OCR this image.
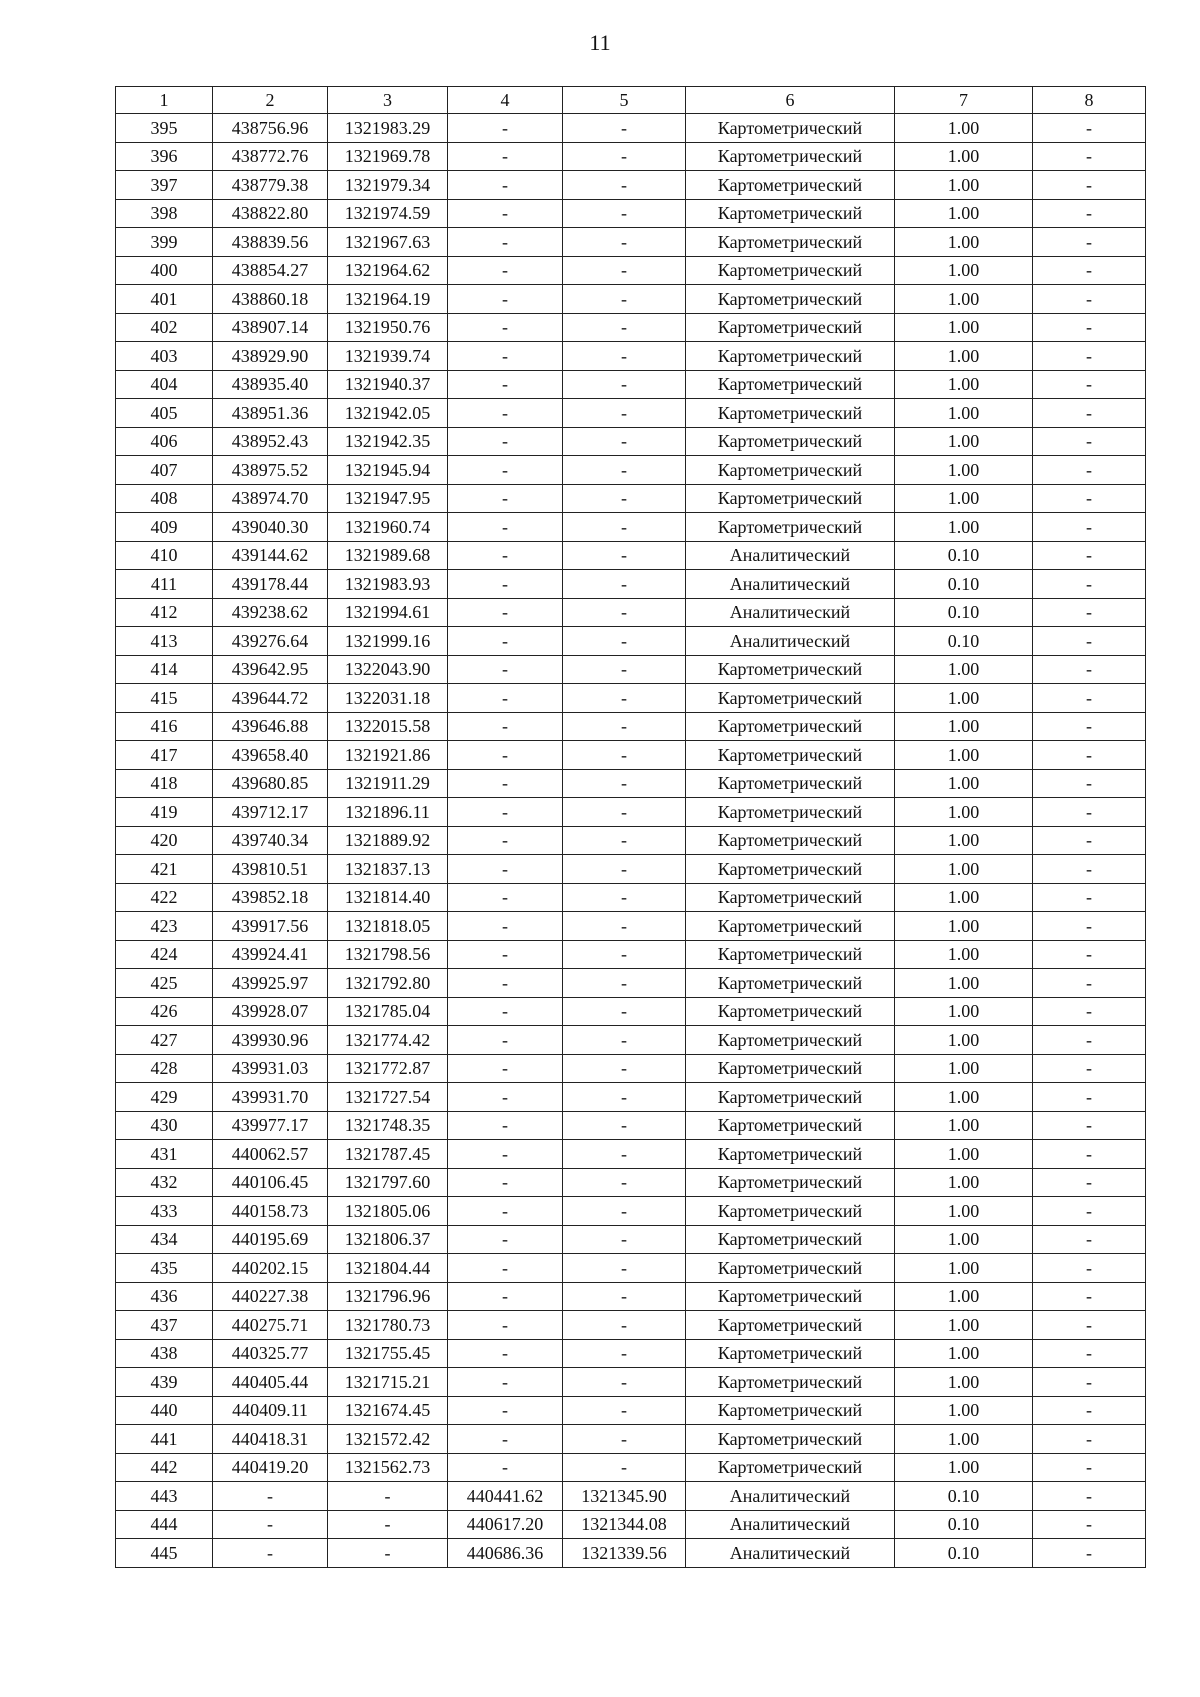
11
1	2	3	4	5	6	7	8
395	438756.96	1321983.29	-	-	Картометрический	1.00	-
396	438772.76	1321969.78	-	-	Картометрический	1.00	-
397	438779.38	1321979.34	-	-	Картометрический	1.00	-
398	438822.80	1321974.59	-	-	Картометрический	1.00	-
399	438839.56	1321967.63	-	-	Картометрический	1.00	-
400	438854.27	1321964.62	-	-	Картометрический	1.00	-
401	438860.18	1321964.19	-	-	Картометрический	1.00	-
402	438907.14	1321950.76	-	-	Картометрический	1.00	-
403	438929.90	1321939.74	-	-	Картометрический	1.00	-
404	438935.40	1321940.37	-	-	Картометрический	1.00	-
405	438951.36	1321942.05	-	-	Картометрический	1.00	-
406	438952.43	1321942.35	-	-	Картометрический	1.00	-
407	438975.52	1321945.94	-	-	Картометрический	1.00	-
408	438974.70	1321947.95	-	-	Картометрический	1.00	-
409	439040.30	1321960.74	-	-	Картометрический	1.00	-
410	439144.62	1321989.68	-	-	Аналитический	0.10	-
411	439178.44	1321983.93	-	-	Аналитический	0.10	-
412	439238.62	1321994.61	-	-	Аналитический	0.10	-
413	439276.64	1321999.16	-	-	Аналитический	0.10	-
414	439642.95	1322043.90	-	-	Картометрический	1.00	-
415	439644.72	1322031.18	-	-	Картометрический	1.00	-
416	439646.88	1322015.58	-	-	Картометрический	1.00	-
417	439658.40	1321921.86	-	-	Картометрический	1.00	-
418	439680.85	1321911.29	-	-	Картометрический	1.00	-
419	439712.17	1321896.11	-	-	Картометрический	1.00	-
420	439740.34	1321889.92	-	-	Картометрический	1.00	-
421	439810.51	1321837.13	-	-	Картометрический	1.00	-
422	439852.18	1321814.40	-	-	Картометрический	1.00	-
423	439917.56	1321818.05	-	-	Картометрический	1.00	-
424	439924.41	1321798.56	-	-	Картометрический	1.00	-
425	439925.97	1321792.80	-	-	Картометрический	1.00	-
426	439928.07	1321785.04	-	-	Картометрический	1.00	-
427	439930.96	1321774.42	-	-	Картометрический	1.00	-
428	439931.03	1321772.87	-	-	Картометрический	1.00	-
429	439931.70	1321727.54	-	-	Картометрический	1.00	-
430	439977.17	1321748.35	-	-	Картометрический	1.00	-
431	440062.57	1321787.45	-	-	Картометрический	1.00	-
432	440106.45	1321797.60	-	-	Картометрический	1.00	-
433	440158.73	1321805.06	-	-	Картометрический	1.00	-
434	440195.69	1321806.37	-	-	Картометрический	1.00	-
435	440202.15	1321804.44	-	-	Картометрический	1.00	-
436	440227.38	1321796.96	-	-	Картометрический	1.00	-
437	440275.71	1321780.73	-	-	Картометрический	1.00	-
438	440325.77	1321755.45	-	-	Картометрический	1.00	-
439	440405.44	1321715.21	-	-	Картометрический	1.00	-
440	440409.11	1321674.45	-	-	Картометрический	1.00	-
441	440418.31	1321572.42	-	-	Картометрический	1.00	-
442	440419.20	1321562.73	-	-	Картометрический	1.00	-
443	-	-	440441.62	1321345.90	Аналитический	0.10	-
444	-	-	440617.20	1321344.08	Аналитический	0.10	-
445	-	-	440686.36	1321339.56	Аналитический	0.10	-
